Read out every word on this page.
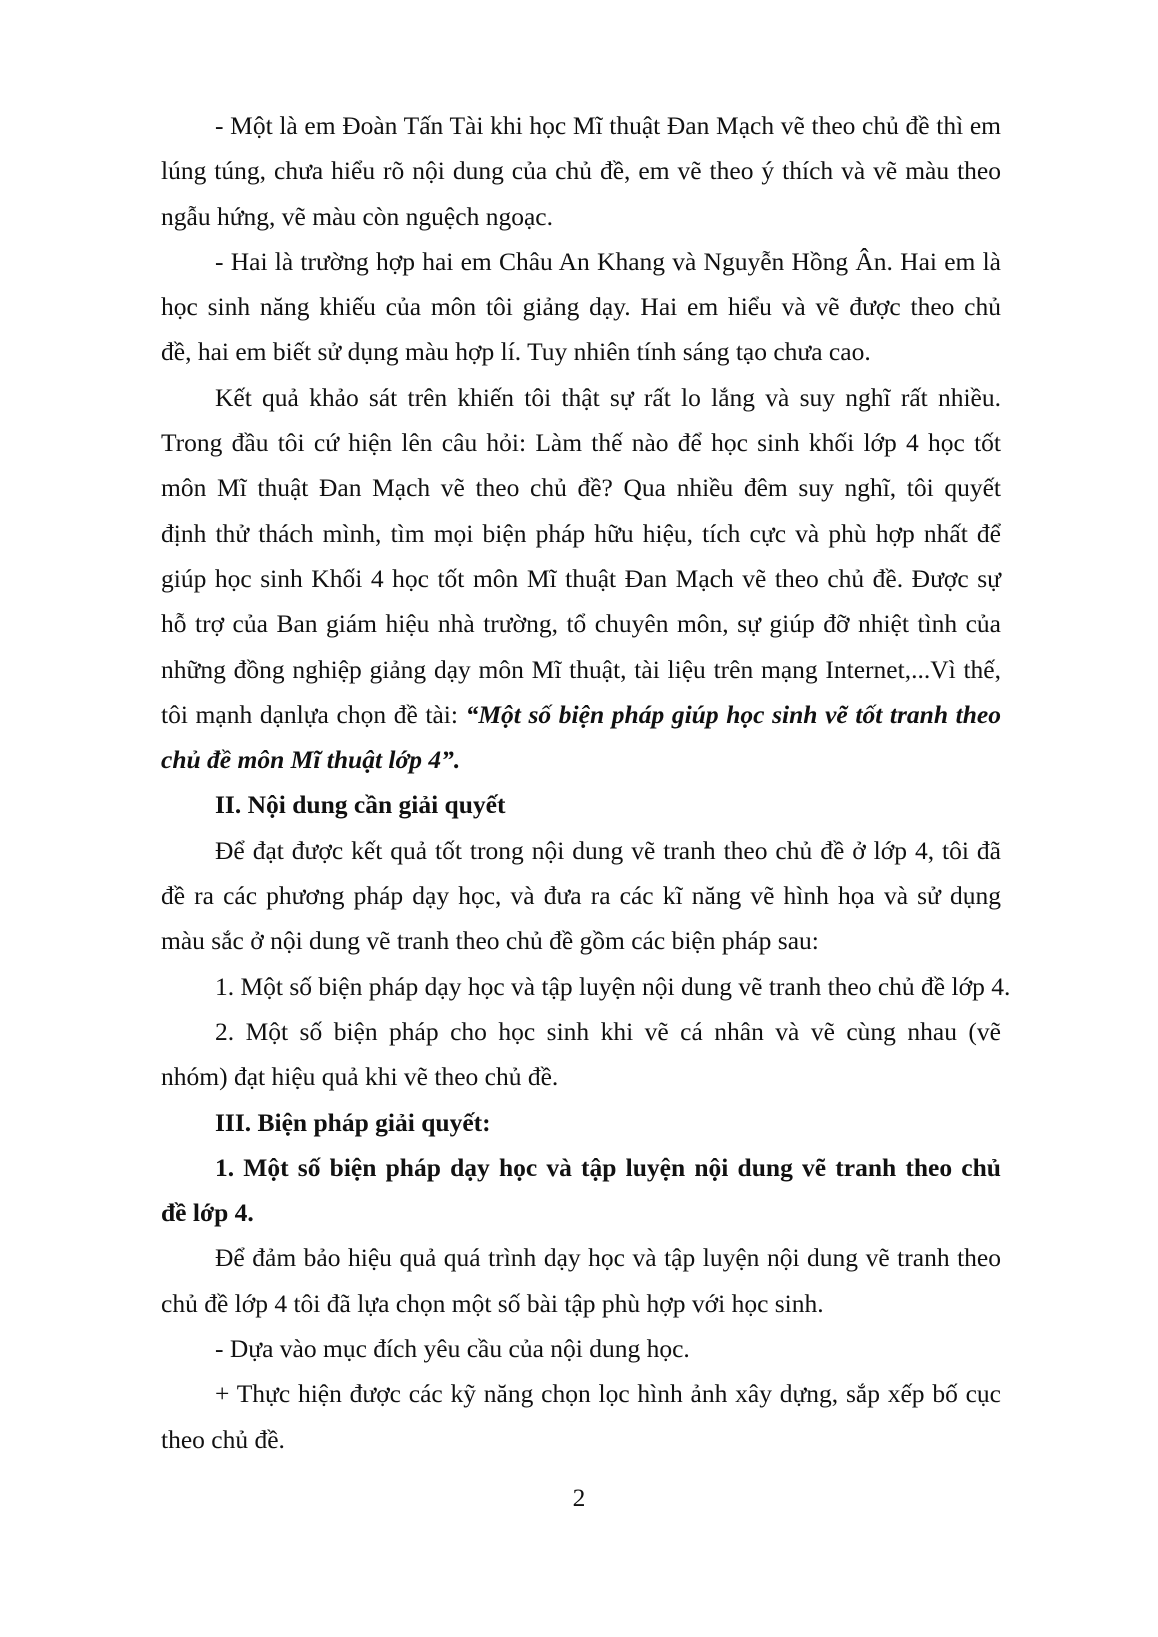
- Một là em Đoàn Tấn Tài khi học Mĩ thuật Đan Mạch vẽ theo chủ đề thì em
lúng túng, chưa hiểu rõ nội dung của chủ đề, em vẽ theo ý thích và vẽ màu theo
ngẫu hứng, vẽ màu còn nguệch ngoạc.
- Hai là trường hợp hai em Châu An Khang và Nguyễn Hồng Ân. Hai em là
học sinh năng khiếu của môn tôi giảng dạy. Hai em hiểu và vẽ được theo chủ
đề, hai em biết sử dụng màu hợp lí. Tuy nhiên tính sáng tạo chưa cao.
Kết quả khảo sát trên khiến tôi thật sự rất lo lắng và suy nghĩ rất nhiều.
Trong đầu tôi cứ hiện lên câu hỏi: Làm thế nào để học sinh khối lớp 4 học tốt
môn Mĩ thuật Đan Mạch vẽ theo chủ đề? Qua nhiều đêm suy nghĩ, tôi quyết
định thử thách mình, tìm mọi biện pháp hữu hiệu, tích cực và phù hợp nhất để
giúp học sinh Khối 4 học tốt môn Mĩ thuật Đan Mạch vẽ theo chủ đề. Được sự
hỗ trợ của Ban giám hiệu nhà trường, tổ chuyên môn, sự giúp đỡ nhiệt tình của
những đồng nghiệp giảng dạy môn Mĩ thuật, tài liệu trên mạng Internet,...Vì thế,
tôi mạnh dạnlựa chọn đề tài: “Một số biện pháp giúp học sinh vẽ tốt tranh theo
chủ đề môn Mĩ thuật lớp 4”.
II. Nội dung cần giải quyết
Để đạt được kết quả tốt trong nội dung vẽ tranh theo chủ đề ở lớp 4, tôi đã
đề ra các phương pháp dạy học, và đưa ra các kĩ năng vẽ hình họa và sử dụng
màu sắc ở nội dung vẽ tranh theo chủ đề gồm các biện pháp sau:
1. Một số biện pháp dạy học và tập luyện nội dung vẽ tranh theo chủ đề lớp 4.
2. Một số biện pháp cho học sinh khi vẽ cá nhân và vẽ cùng nhau (vẽ
nhóm) đạt hiệu quả khi vẽ theo chủ đề.
III. Biện pháp giải quyết:
1. Một số biện pháp dạy học và tập luyện nội dung vẽ tranh theo chủ
đề lớp 4.
Để đảm bảo hiệu quả quá trình dạy học và tập luyện nội dung vẽ tranh theo
chủ đề lớp 4 tôi đã lựa chọn một số bài tập phù hợp với học sinh.
- Dựa vào mục đích yêu cầu của nội dung học.
+ Thực hiện được các kỹ năng chọn lọc hình ảnh xây dựng, sắp xếp bố cục
theo chủ đề.
2
